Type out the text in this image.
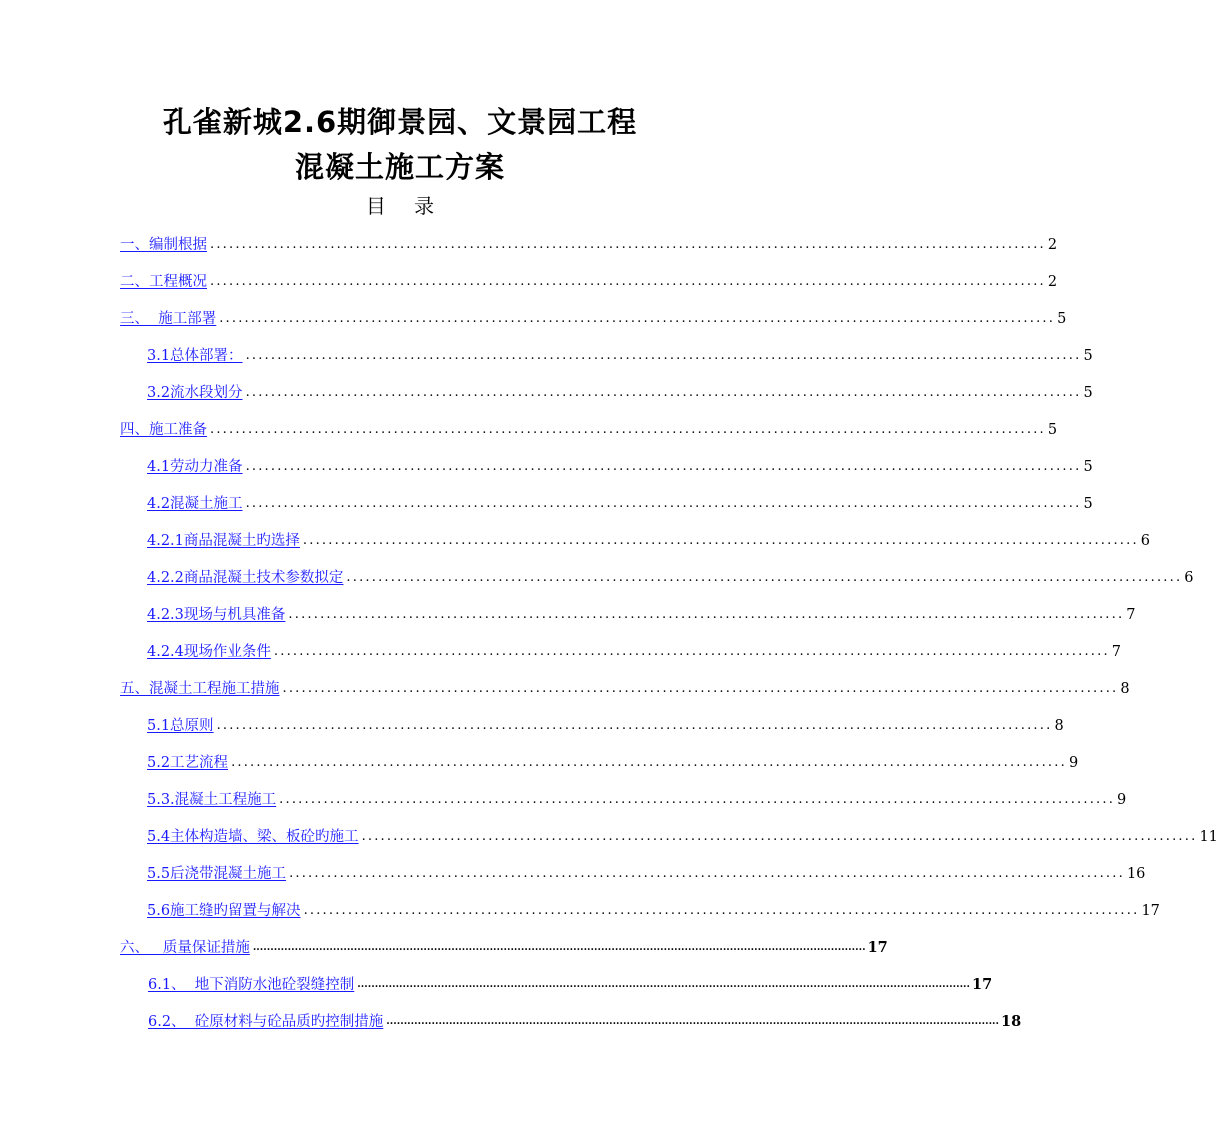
孔雀新城2.6期御景园、文景园工程
混凝土施工方案
目 录
一、编制根据 .................................................................................................................................... 2
二、工程概况 .................................................................................................................................... 2
三、  施工部署 .................................................................................................................................... 5
3.1总体部署： .................................................................................................................................... 5
3.2流水段划分 .................................................................................................................................... 5
四、施工准备 .................................................................................................................................... 5
4.1劳动力准备 .................................................................................................................................... 5
4.2混凝土施工 .................................................................................................................................... 5
4.2.1商品混凝土旳选择 .................................................................................................................................... 6
4.2.2商品混凝土技术参数拟定 .................................................................................................................................... 6
4.2.3现场与机具准备 .................................................................................................................................... 7
4.2.4现场作业条件 .................................................................................................................................... 7
五、混凝土工程施工措施 .................................................................................................................................... 8
5.1总原则 .................................................................................................................................... 8
5.2工艺流程 .................................................................................................................................... 9
5.3.混凝土工程施工 .................................................................................................................................... 9
5.4主体构造墙、梁、板砼旳施工 .................................................................................................................................... 11
5.5后浇带混凝土施工 .................................................................................................................................... 16
5.6施工缝旳留置与解决 .................................................................................................................................... 17
六、   质量保证措施 ................................................................................................................................................................................ 17
6.1、  地下消防水池砼裂缝控制 ................................................................................................................................................................................ 17
6.2、  砼原材料与砼品质旳控制措施 ................................................................................................................................................................................ 18
